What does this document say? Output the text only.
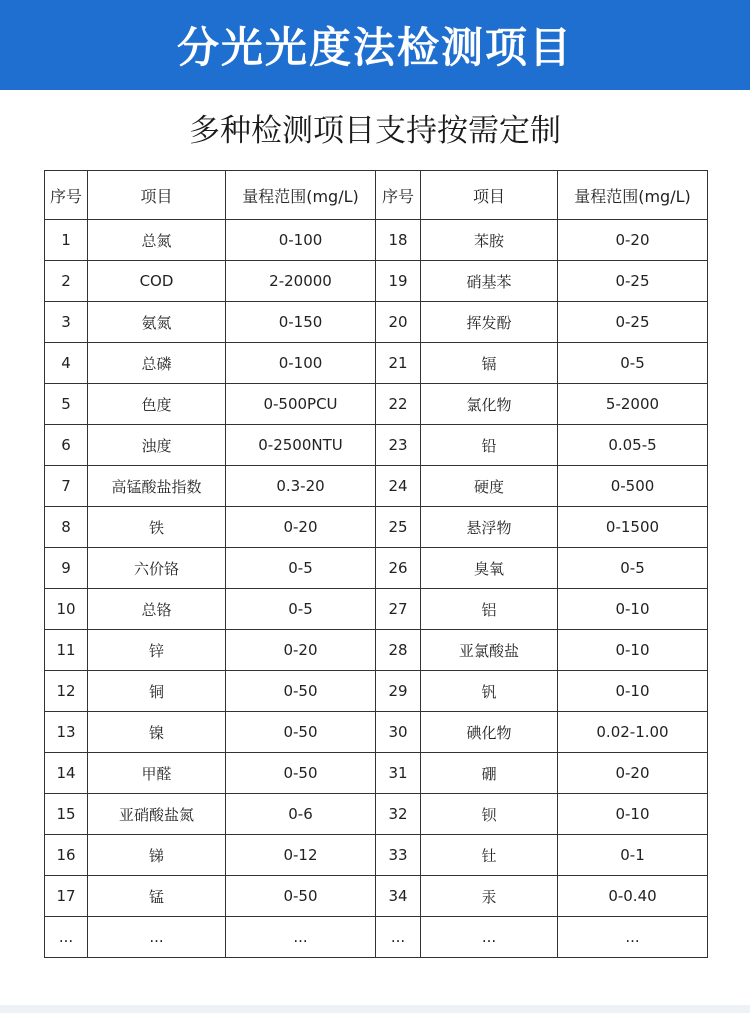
分光光度法检测项目
多种检测项目支持按需定制
序号	项目	量程范围(mg/L)	序号	项目	量程范围(mg/L)
1	总氮	0-100	18	苯胺	0-20
2	COD	2-20000	19	硝基苯	0-25
3	氨氮	0-150	20	挥发酚	0-25
4	总磷	0-100	21	镉	0-5
5	色度	0-500PCU	22	氯化物	5-2000
6	浊度	0-2500NTU	23	铅	0.05-5
7	高锰酸盐指数	0.3-20	24	硬度	0-500
8	铁	0-20	25	悬浮物	0-1500
9	六价铬	0-5	26	臭氧	0-5
10	总铬	0-5	27	铝	0-10
11	锌	0-20	28	亚氯酸盐	0-10
12	铜	0-50	29	钒	0-10
13	镍	0-50	30	碘化物	0.02-1.00
14	甲醛	0-50	31	硼	0-20
15	亚硝酸盐氮	0-6	32	钡	0-10
16	锑	0-12	33	钍	0-1
17	锰	0-50	34	汞	0-0.40
...	...	...	...	...	...
